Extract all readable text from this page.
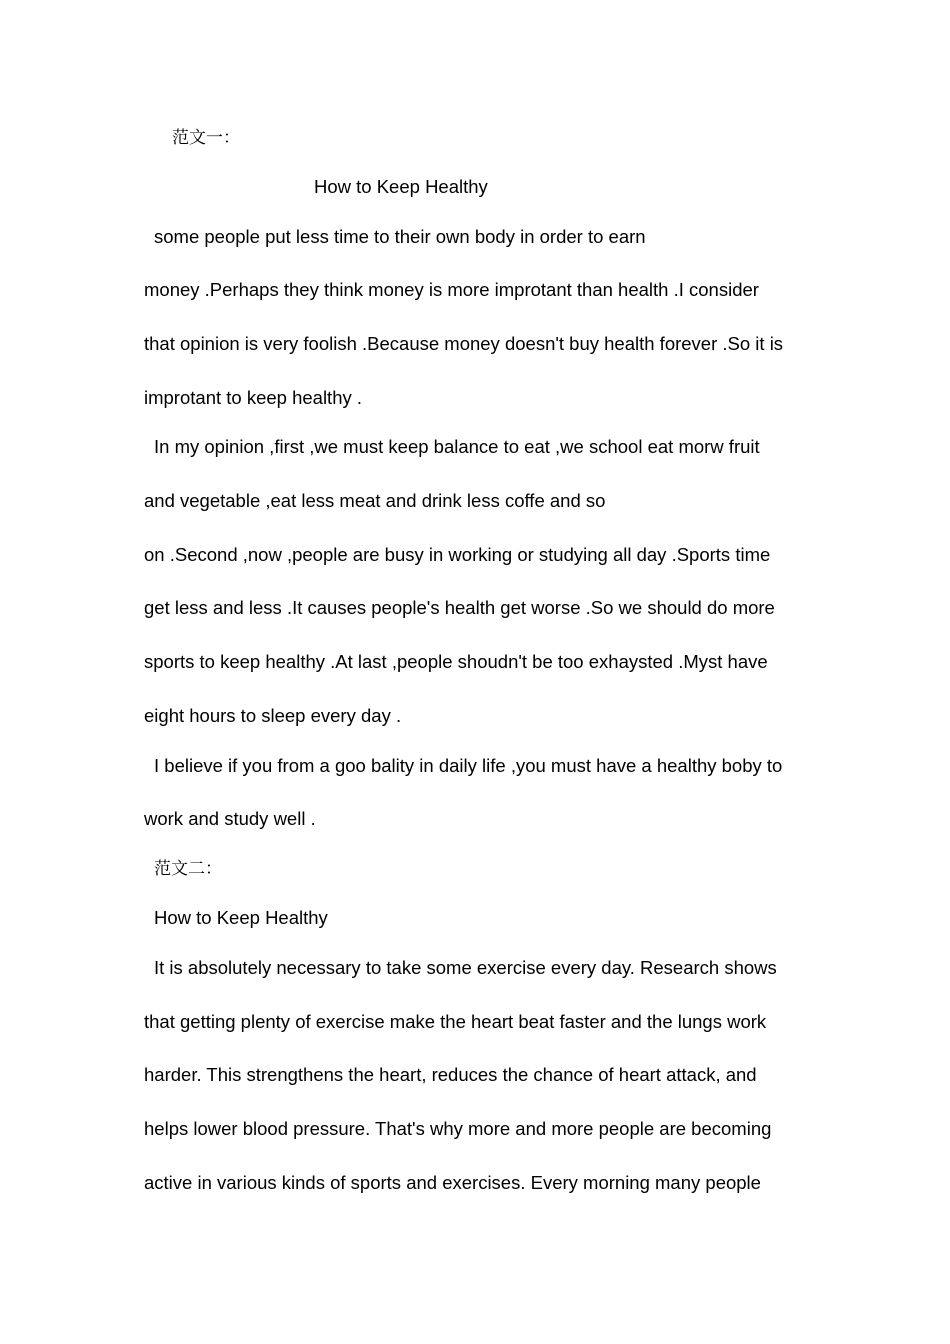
范文一：
How to Keep Healthy
some people put less time to their own body in order to earn
money .Perhaps they think money is more improtant than health .I consider
that opinion is very foolish .Because money doesn't buy health forever .So it is
improtant to keep healthy .
In my opinion ,first ,we must keep balance to eat ,we school eat morw fruit
and vegetable ,eat less meat and drink less coffe and so
on .Second ,now ,people are busy in working or studying all day .Sports time
get less and less .It causes people's health get worse .So we should do more
sports to keep healthy .At last ,people shoudn't be too exhaysted .Myst have
eight hours to sleep every day .
I believe if you from a goo bality in daily life ,you must have a healthy boby to
work and study well .
范文二：
How to Keep Healthy
It is absolutely necessary to take some exercise every day. Research shows
that getting plenty of exercise make the heart beat faster and the lungs work
harder. This strengthens the heart, reduces the chance of heart attack, and
helps lower blood pressure. That's why more and more people are becoming
active in various kinds of sports and exercises. Every morning many people
